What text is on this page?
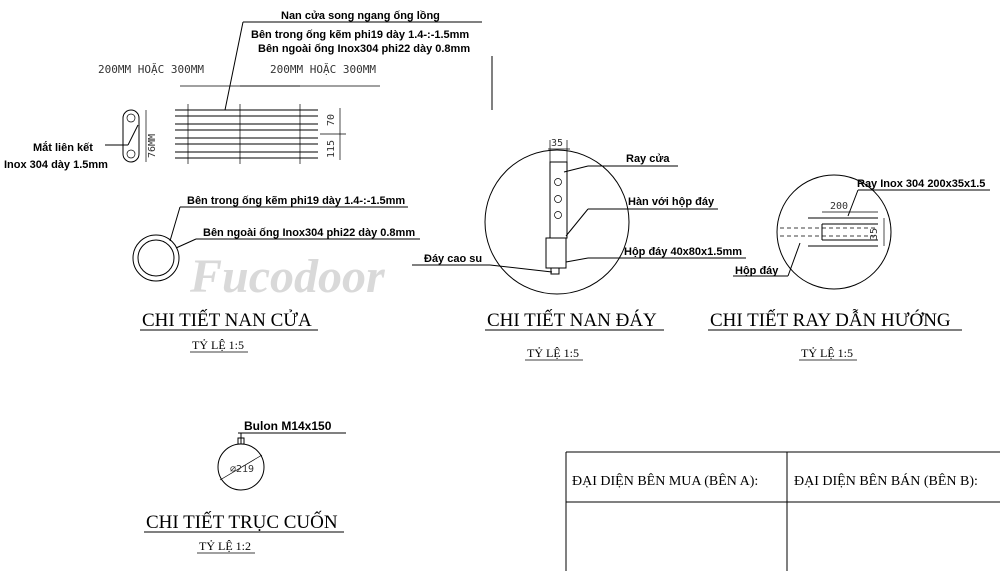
Fucodoor
Nan cửa song ngang ống lồng
Bên trong ống kẽm phi19 dày 1.4-:-1.5mm
Bên ngoài ống Inox304 phi22 dày 0.8mm
200MM HOẶC 300MM	200MM HOẶC 300MM
76MM
Mắt liên kết
Inox 304 dày 1.5mm
70
115
Bên trong ống kẽm phi19 dày 1.4-:-1.5mm
Bên ngoài ống Inox304 phi22 dày 0.8mm
CHI TIẾT NAN CỬA
TỶ LỆ 1:5
35
Ray cửa
Hàn với hộp đáy
Hộp đáy 40x80x1.5mm
Đáy cao su
CHI TIẾT NAN ĐÁY
TỶ LỆ 1:5
200
35
Ray Inox 304 200x35x1.5
Hộp đáy
CHI TIẾT RAY DẪN HƯỚNG
TỶ LỆ 1:5
Bulon M14x150
⌀219
CHI TIẾT TRỤC CUỐN
TỶ LỆ 1:2
ĐẠI DIỆN BÊN MUA (BÊN A):	ĐẠI DIỆN BÊN BÁN (BÊN B):
